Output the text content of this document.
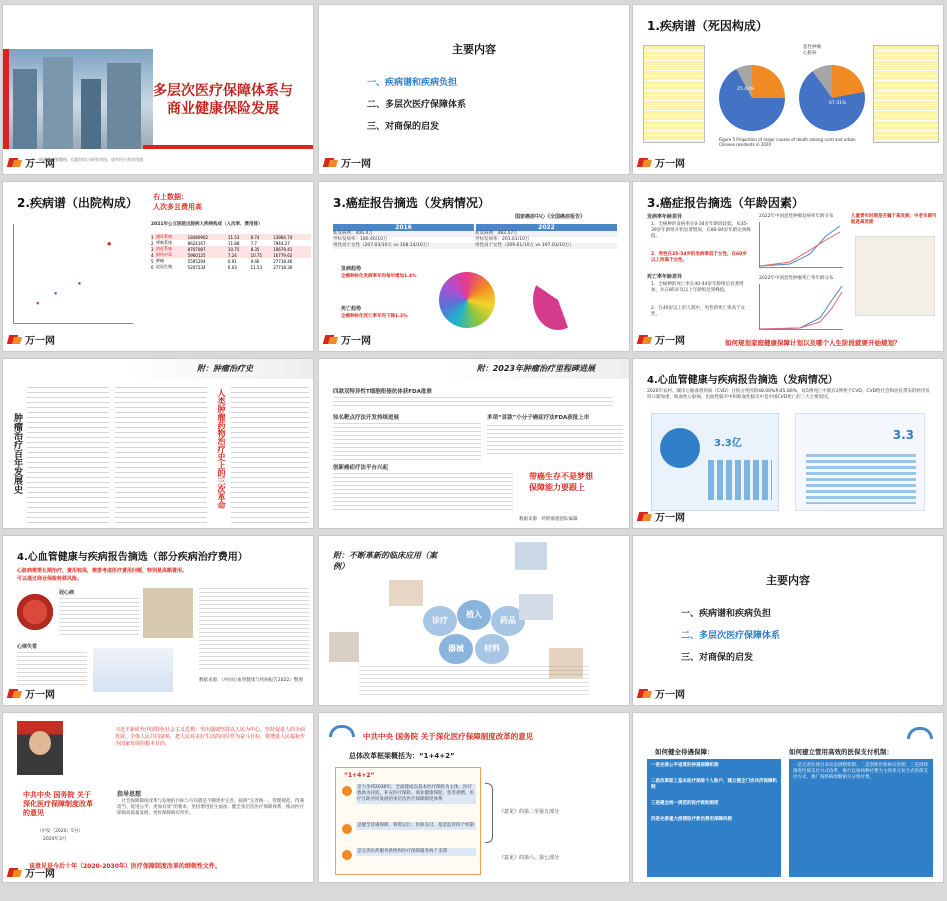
多层次医疗保障体系与
商业健康保险发展
万一网制作收集整理，仅限培训与研究用途，请勿用于商业用途
万一网
主要内容
一、疾病谱和疾病负担
二、多层次医疗保障体系
三、对商保的启发
万一网
1.疾病谱（死因构成）
25.43%
67.31%
恶性肿瘤
心脏病
Figure 5 Proportion of major causes of death among rural and urban Chinese residents in 2020
万一网
2.疾病谱（出院构成） 右上数据：
人次多且费用高
2021年公立医院出院病人疾病构成（人次率、费用排）
1	循环系统	18480962	11.53	8.74	13984.74
2	呼吸系统	8624167	11.88	7.7	7944.27
3	消化系统	8707087	10.75	8.35	10679.41
4	损伤中毒	5960125	7.24	10.75	16779.62
5	肿瘤	5595294	6.91	9.46	27718.46
6	泌尿生殖	5207234	6.03	11.53	27718.36
万一网
3.癌症报告摘选（发病情况）
国家癌症中心《全国癌症报告》
2016	2022
新发病例：406.4万	新发病例：482.47万
世标发病率：186.46/10万	世标发病率：201.61/10万
男性高于女性（207.03/10万 vs 168.14/10万）	男性高于女性（209.61/10万 vs 197.03/10万）
发病趋势
全癌种标化发病率年均每年增加1.4%
死亡趋势
全癌种标化死亡率年均下降1.3%
万一网
3.癌症报告摘选（年龄因素）
发病率年龄差异
1．全癌种的发病率在0-34岁年龄段较低，从35-39岁年龄组开始显著增加，在80-84岁年龄达到峰值。
2．男性在25-54岁的发病率低于女性，在60岁以上则高于女性。
死亡率年龄差异
1．全癌种的死亡率在40-44岁年龄组后显著增加，并在85岁及以上年龄组达到峰值。
2．在40岁以上的人群中，男性的死亡率高于女性。
2022年中国恶性肿瘤发病率年龄分布
2022年中国恶性肿瘤死亡率年龄分布
儿童青年时期是否属于高发期，中老年期可能是高发期
如何规划家庭健康保障计划以及哪个人生阶段就要开始规划？
万一网
附：肿瘤治疗史
肿瘤治疗百年发展史	人类肿瘤药物治疗史上的三次革命
附：2023年肿瘤治疗里程碑进展
四款双特异性T细胞衔接抗体获FDA批准
知名靶点疗法开发持续进展	多项“首款”小分子癌症疗法FDA获批上市
创新癌症疗法平台兴起
带癌生存不是梦想
保障能力要跟上
数据来源：药明康德团队编辑
4.心血管健康与疾病报告摘选（发病情况）
2020年农村、城市心脑血管疾病（CVD）分别占死因的48.00%和45.86%，每5例死亡中就有2例死于CVD。CVD给社会和居民带来的经济负担日渐加重，缺血性心脏病、出血性脑卒中和缺血性脑卒中是中国CVD死亡的三大主要原因。
3.3亿
3.3
万一网
4.心血管健康与疾病报告摘选（部分疾病治疗费用）
心脏病需要长期治疗，费用较高，需要考虑医疗费用问题，特别是高额费用。
可以通过商业保险转移风险。
冠心病
心律失常
数据来源：《中国心血管健康与疾病报告2022》整理
万一网
附：不断革新的临床应用（案例）
诊疗
植入
药品
器械	材料
主要内容
一、疾病谱和疾病负担
二、多层次医疗保障体系
三、对商保的启发
万一网
习近平新时代中国特色社会主义思想：突出强调坚持以人民为中心，坚持促进人的全面发展、全体人民共同富裕，把人民对美好生活的向往作为奋斗目标，将增进人民福祉作为国家发展的根本目的。
中共中央 国务院 关于深化医疗保障制度改革的意见
（中发〔2020〕5号）
2020年3月
指导思想
：社会保障制度改革与发展的目标与方向就是不断逐步完善，按照“完善统一、管理规范、待遇适当、促进公平、更加有效”的要求，坚持增进民生福祉、健全多层次医疗保障体系，推动医疗保障高质量发展，更好保障病有所医。
该意见是今后十年（2020-2030年）医疗保障制度改革的纲领性文件。
万一网
中共中央 国务院 关于深化医疗保障制度改革的意见
总体改革框架概括为：“1+4+2”
“1+4+2”
是力争到2030年，全面建成以基本医疗保险为主体，医疗救助为托底，补充医疗保险、商业健康保险、慈善捐赠、医疗互助共同发展的多层次医疗保障制度体系
是健全待遇保障、筹资运行、医保支付、基金监管四个机制
是完善医药服务供给和医疗保障服务两个支撑
《意见》的第二至第五部分
《意见》的第六、第七部分
如何健全待遇保障：	如何建立管用高效的医保支付机制：
一是完善公平适度的待遇保障机制
二是改革职工基本医疗保险个人账户，建立健全门诊共济保障机制
三是健全统一规范的医疗救助制度
四是完善重大疫情医疗救治费用保障机制
一是完善医保目录动态调整机制；二是创新医保协议管理；三是持续推进医保支付方式改革，推行以按病种付费为主的多元复合式医保支付方式，推广按疾病诊断相关分组付费。
